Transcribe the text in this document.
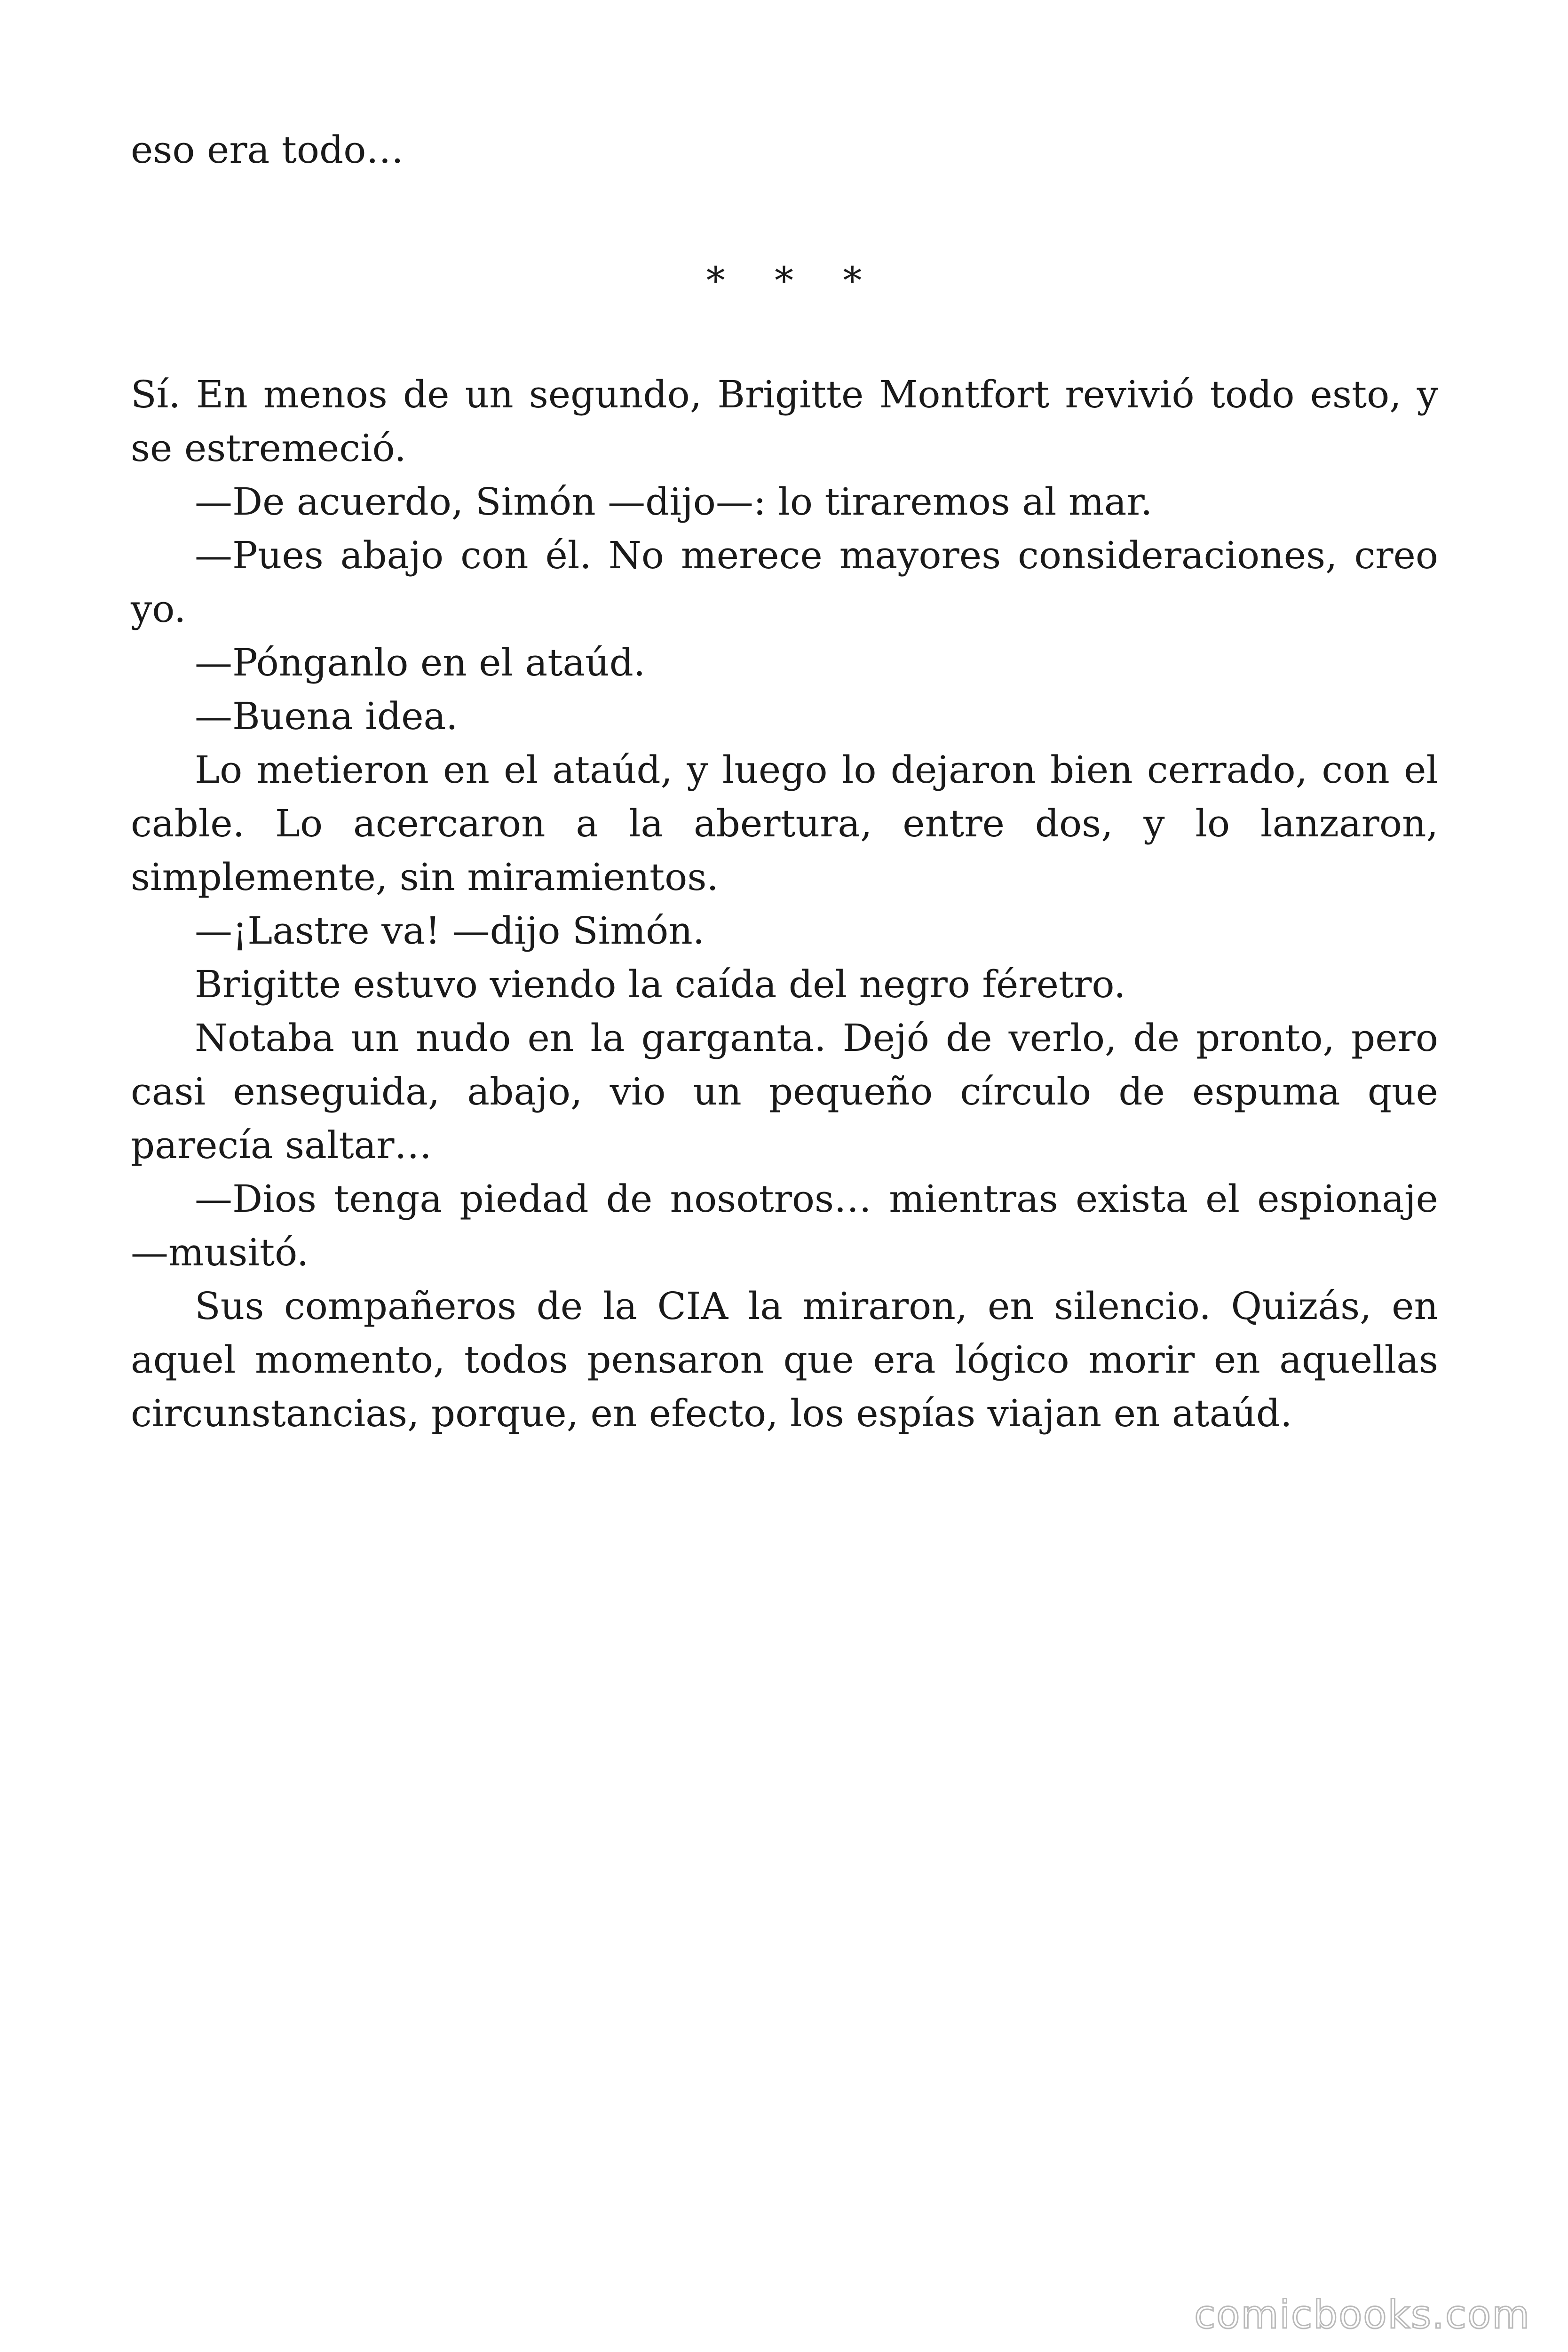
eso era todo…
* * *

Sí. En menos de un segundo, Brigitte Montfort revivió todo esto, y se estremeció.

—De acuerdo, Simón —dijo—: lo tiraremos al mar.

—Pues abajo con él. No merece mayores consideraciones, creo yo.

—Pónganlo en el ataúd.

—Buena idea.

Lo metieron en el ataúd, y luego lo dejaron bien cerrado, con el cable. Lo acercaron a la abertura, entre dos, y lo lanzaron, simplemente, sin miramientos.

—¡Lastre va! —dijo Simón.

Brigitte estuvo viendo la caída del negro féretro.

Notaba un nudo en la garganta. Dejó de verlo, de pronto, pero casi enseguida, abajo, vio un pequeño círculo de espuma que parecía saltar…

—Dios tenga piedad de nosotros… mientras exista el espionaje —musitó.

Sus compañeros de la CIA la miraron, en silencio. Quizás, en aquel momento, todos pensaron que era lógico morir en aquellas circunstancias, porque, en efecto, los espías viajan en ataúd.

comicbooks.com
